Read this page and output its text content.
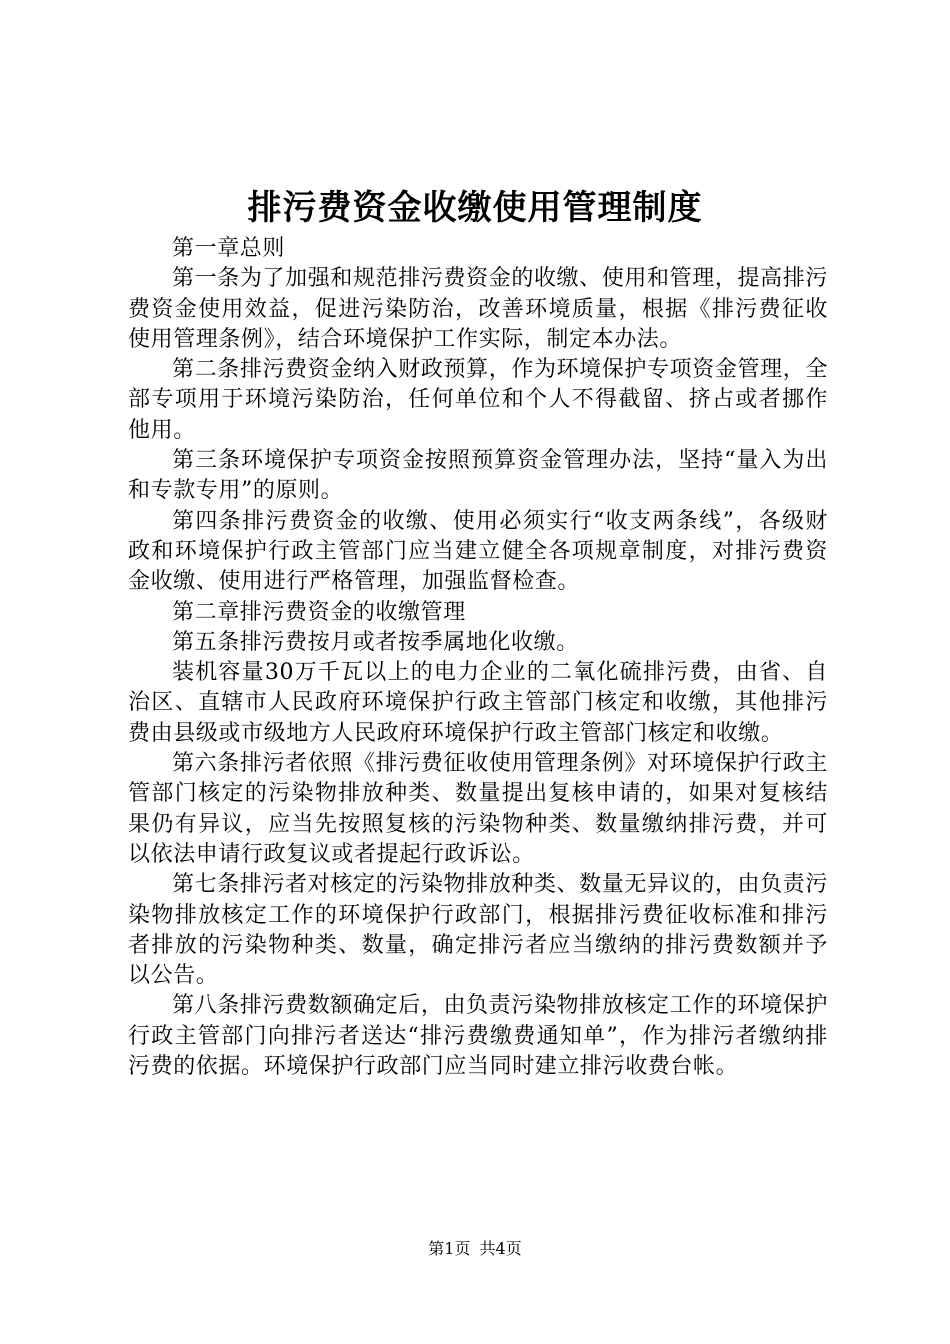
排污费资金收缴使用管理制度

第一章总则

第一条为了加强和规范排污费资金的收缴、使用和管理，提高排污费资金使用效益，促进污染防治，改善环境质量，根据《排污费征收使用管理条例》，结合环境保护工作实际，制定本办法。

第二条排污费资金纳入财政预算，作为环境保护专项资金管理，全部专项用于环境污染防治，任何单位和个人不得截留、挤占或者挪作他用。

第三条环境保护专项资金按照预算资金管理办法，坚持“量入为出和专款专用”的原则。

第四条排污费资金的收缴、使用必须实行“收支两条线”，各级财政和环境保护行政主管部门应当建立健全各项规章制度，对排污费资金收缴、使用进行严格管理，加强监督检查。

第二章排污费资金的收缴管理

第五条排污费按月或者按季属地化收缴。

装机容量30万千瓦以上的电力企业的二氧化硫排污费，由省、自治区、直辖市人民政府环境保护行政主管部门核定和收缴，其他排污费由县级或市级地方人民政府环境保护行政主管部门核定和收缴。

第六条排污者依照《排污费征收使用管理条例》对环境保护行政主管部门核定的污染物排放种类、数量提出复核申请的，如果对复核结果仍有异议，应当先按照复核的污染物种类、数量缴纳排污费，并可以依法申请行政复议或者提起行政诉讼。

第七条排污者对核定的污染物排放种类、数量无异议的，由负责污染物排放核定工作的环境保护行政部门，根据排污费征收标准和排污者排放的污染物种类、数量，确定排污者应当缴纳的排污费数额并予以公告。

第八条排污费数额确定后，由负责污染物排放核定工作的环境保护行政主管部门向排污者送达“排污费缴费通知单”，作为排污者缴纳排污费的依据。环境保护行政部门应当同时建立排污收费台帐。

第1页 共4页
